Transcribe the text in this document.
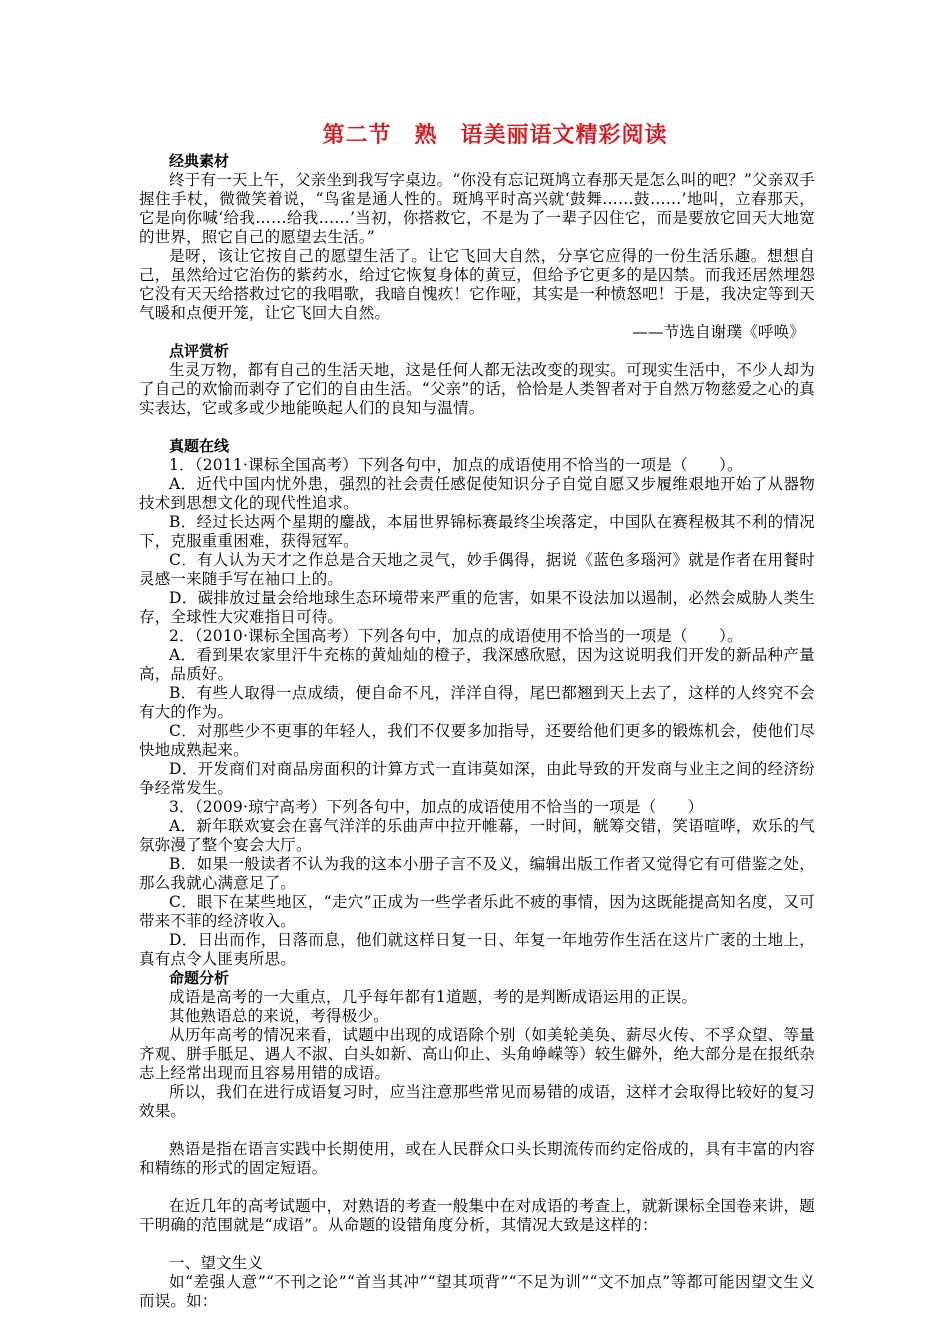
第二节　熟　语美丽语文精彩阅读
经典素材

终于有一天上午，父亲坐到我写字桌边。“你没有忘记斑鸠立春那天是怎么叫的吧？”父亲双手握住手杖，微微笑着说，“鸟雀是通人性的。斑鸠平时高兴就‘鼓舞……鼓……’地叫，立春那天，它是向你喊‘给我……给我……’当初，你搭救它，不是为了一辈子囚住它，而是要放它回天大地宽的世界，照它自己的愿望去生活。”

是呀，该让它按自己的愿望生活了。让它飞回大自然，分享它应得的一份生活乐趣。想想自己，虽然给过它治伤的紫药水，给过它恢复身体的黄豆，但给予它更多的是囚禁。而我还居然埋怨它没有天天给搭救过它的我唱歌，我暗自愧疚！它作哑，其实是一种愤怒吧！于是，我决定等到天气暖和点便开笼，让它飞回大自然。

——节选自谢璞《呼唤》

点评赏析

生灵万物，都有自己的生活天地，这是任何人都无法改变的现实。可现实生活中，不少人却为了自己的欢愉而剥夺了它们的自由生活。“父亲”的话，恰恰是人类智者对于自然万物慈爱之心的真实表达，它或多或少地能唤起人们的良知与温情。

真题在线

1．（2011·课标全国高考）下列各句中，加点的成语使用不恰当的一项是（　　）。

A．近代中国内忧外患，强烈的社会责任感促使知识分子自觉自愿又步履维艰地开始了从器物技术到思想文化的现代性追求。

B．经过长达两个星期的鏖战，本届世界锦标赛最终尘埃落定，中国队在赛程极其不利的情况下，克服重重困难，获得冠军。

C．有人认为天才之作总是合天地之灵气，妙手偶得，据说《蓝色多瑙河》就是作者在用餐时灵感一来随手写在袖口上的。

D．碳排放过量会给地球生态环境带来严重的危害，如果不设法加以遏制，必然会威胁人类生存，全球性大灾难指日可待。

2．（2010·课标全国高考）下列各句中，加点的成语使用不恰当的一项是（　　）。

A．看到果农家里汗牛充栋的黄灿灿的橙子，我深感欣慰，因为这说明我们开发的新品种产量高，品质好。

B．有些人取得一点成绩，便自命不凡，洋洋自得，尾巴都翘到天上去了，这样的人终究不会有大的作为。

C．对那些少不更事的年轻人，我们不仅要多加指导，还要给他们更多的锻炼机会，使他们尽快地成熟起来。

D．开发商们对商品房面积的计算方式一直讳莫如深，由此导致的开发商与业主之间的经济纷争经常发生。

3．（2009·琼宁高考）下列各句中，加点的成语使用不恰当的一项是（　　）

A．新年联欢宴会在喜气洋洋的乐曲声中拉开帷幕，一时间，觥筹交错，笑语喧哗，欢乐的气氛弥漫了整个宴会大厅。

B．如果一般读者不认为我的这本小册子言不及义，编辑出版工作者又觉得它有可借鉴之处，那么我就心满意足了。

C．眼下在某些地区，“走穴”正成为一些学者乐此不疲的事情，因为这既能提高知名度，又可带来不菲的经济收入。

D．日出而作，日落而息，他们就这样日复一日、年复一年地劳作生活在这片广袤的土地上，真有点令人匪夷所思。

命题分析

成语是高考的一大重点，几乎每年都有1道题，考的是判断成语运用的正误。

其他熟语总的来说，考得极少。

从历年高考的情况来看，试题中出现的成语除个别（如美轮美奂、薪尽火传、不孚众望、等量齐观、胼手胝足、遇人不淑、白头如新、高山仰止、头角峥嵘等）较生僻外，绝大部分是在报纸杂志上经常出现而且容易用错的成语。

所以，我们在进行成语复习时，应当注意那些常见而易错的成语，这样才会取得比较好的复习效果。

熟语是指在语言实践中长期使用，或在人民群众口头长期流传而约定俗成的，具有丰富的内容和精练的形式的固定短语。

在近几年的高考试题中，对熟语的考查一般集中在对成语的考查上，就新课标全国卷来讲，题干明确的范围就是“成语”。从命题的设错角度分析，其情况大致是这样的：

一、望文生义

如“差强人意”“不刊之论”“首当其冲”“望其项背”“不足为训”“文不加点”等都可能因望文生义而误。如：
